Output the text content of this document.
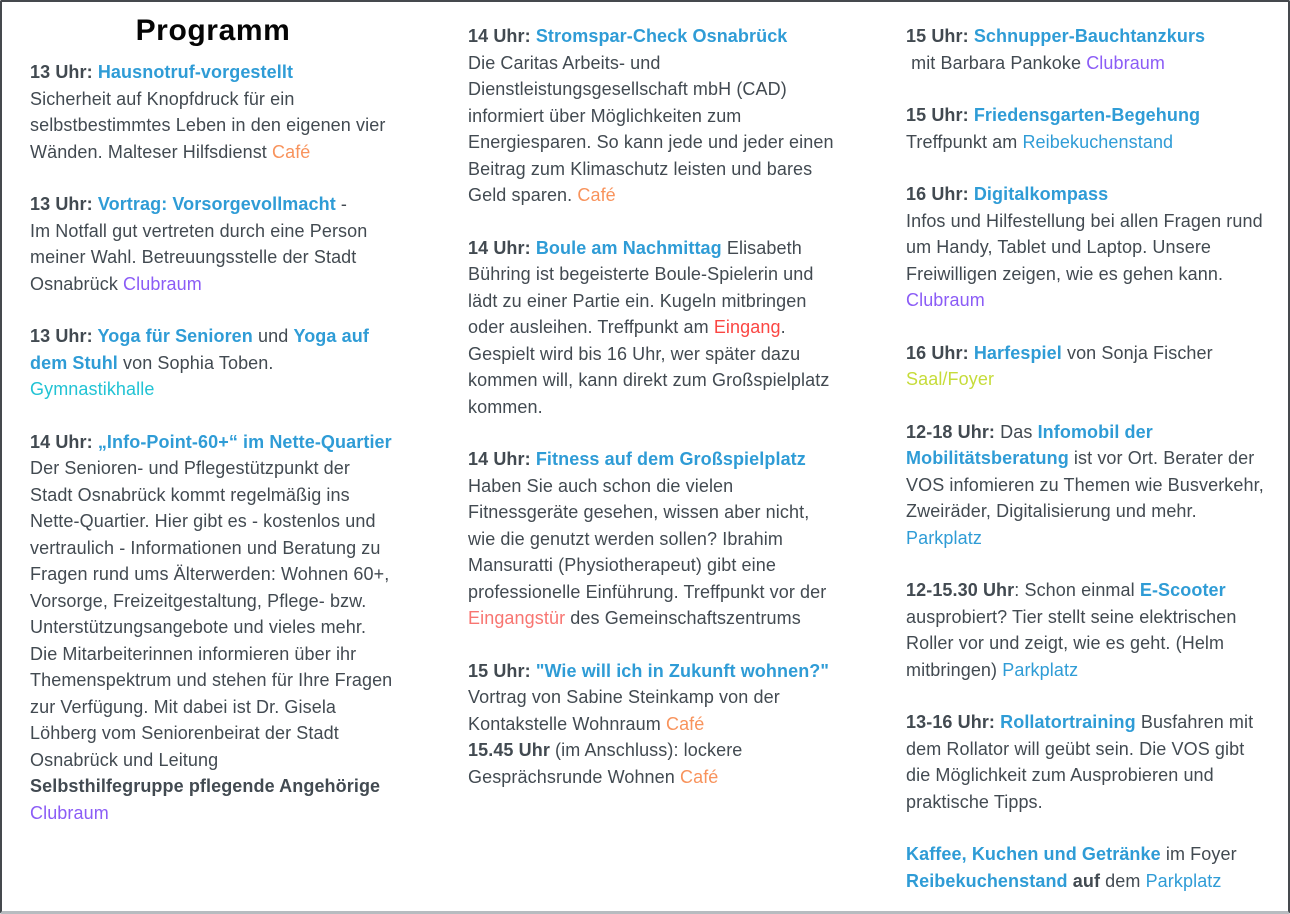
Programm

13 Uhr: Hausnotruf-vorgestellt
Sicherheit auf Knopfdruck für ein selbstbestimmtes Leben in den eigenen vier Wänden. Malteser Hilfsdienst Café

13 Uhr: Vortrag: Vorsorgevollmacht -
Im Notfall gut vertreten durch eine Person meiner Wahl. Betreuungsstelle der Stadt Osnabrück Clubraum

13 Uhr: Yoga für Senioren und Yoga auf dem Stuhl von Sophia Toben.
Gymnastikhalle

14 Uhr: „Info-Point-60+“ im Nette-Quartier Der Senioren- und Pflegestützpunkt der Stadt Osnabrück kommt regelmäßig ins Nette-Quartier. Hier gibt es - kostenlos und vertraulich - Informationen und Beratung zu Fragen rund ums Älterwerden: Wohnen 60+, Vorsorge, Freizeitgestaltung, Pflege- bzw. Unterstützungsangebote und vieles mehr. Die Mitarbeiterinnen informieren über ihr Themenspektrum und stehen für Ihre Fragen zur Verfügung. Mit dabei ist Dr. Gisela Löhberg vom Seniorenbeirat der Stadt Osnabrück und Leitung
Selbsthilfegruppe pflegende Angehörige Clubraum

14 Uhr: Stromspar-Check Osnabrück
Die Caritas Arbeits- und Dienstleistungsgesellschaft mbH (CAD) informiert über Möglichkeiten zum Energiesparen. So kann jede und jeder einen Beitrag zum Klimaschutz leisten und bares Geld sparen. Café

14 Uhr: Boule am Nachmittag Elisabeth Bühring ist begeisterte Boule-Spielerin und lädt zu einer Partie ein. Kugeln mitbringen oder ausleihen. Treffpunkt am Eingang. Gespielt wird bis 16 Uhr, wer später dazu kommen will, kann direkt zum Großspielplatz kommen.

14 Uhr: Fitness auf dem Großspielplatz
Haben Sie auch schon die vielen Fitnessgeräte gesehen, wissen aber nicht, wie die genutzt werden sollen? Ibrahim Mansuratti (Physiotherapeut) gibt eine professionelle Einführung. Treffpunkt vor der Eingangstür des Gemeinschaftszentrums

15 Uhr: "Wie will ich in Zukunft wohnen?" Vortrag von Sabine Steinkamp von der Kontakstelle Wohnraum Café
15.45 Uhr (im Anschluss): lockere Gesprächsrunde Wohnen Café

15 Uhr: Schnupper-Bauchtanzkurs
mit Barbara Pankoke Clubraum

15 Uhr: Friedensgarten-Begehung
Treffpunkt am Reibekuchenstand

16 Uhr: Digitalkompass
Infos und Hilfestellung bei allen Fragen rund um Handy, Tablet und Laptop. Unsere Freiwilligen zeigen, wie es gehen kann. Clubraum

16 Uhr: Harfespiel von Sonja Fischer
Saal/Foyer

12-18 Uhr: Das Infomobil der Mobilitätsberatung ist vor Ort. Berater der VOS infomieren zu Themen wie Busverkehr, Zweiräder, Digitalisierung und mehr. Parkplatz

12-15.30 Uhr: Schon einmal E-Scooter ausprobiert? Tier stellt seine elektrischen Roller vor und zeigt, wie es geht. (Helm mitbringen) Parkplatz

13-16 Uhr: Rollatortraining Busfahren mit dem Rollator will geübt sein. Die VOS gibt die Möglichkeit zum Ausprobieren und praktische Tipps.

Kaffee, Kuchen und Getränke im Foyer
Reibekuchenstand auf dem Parkplatz
